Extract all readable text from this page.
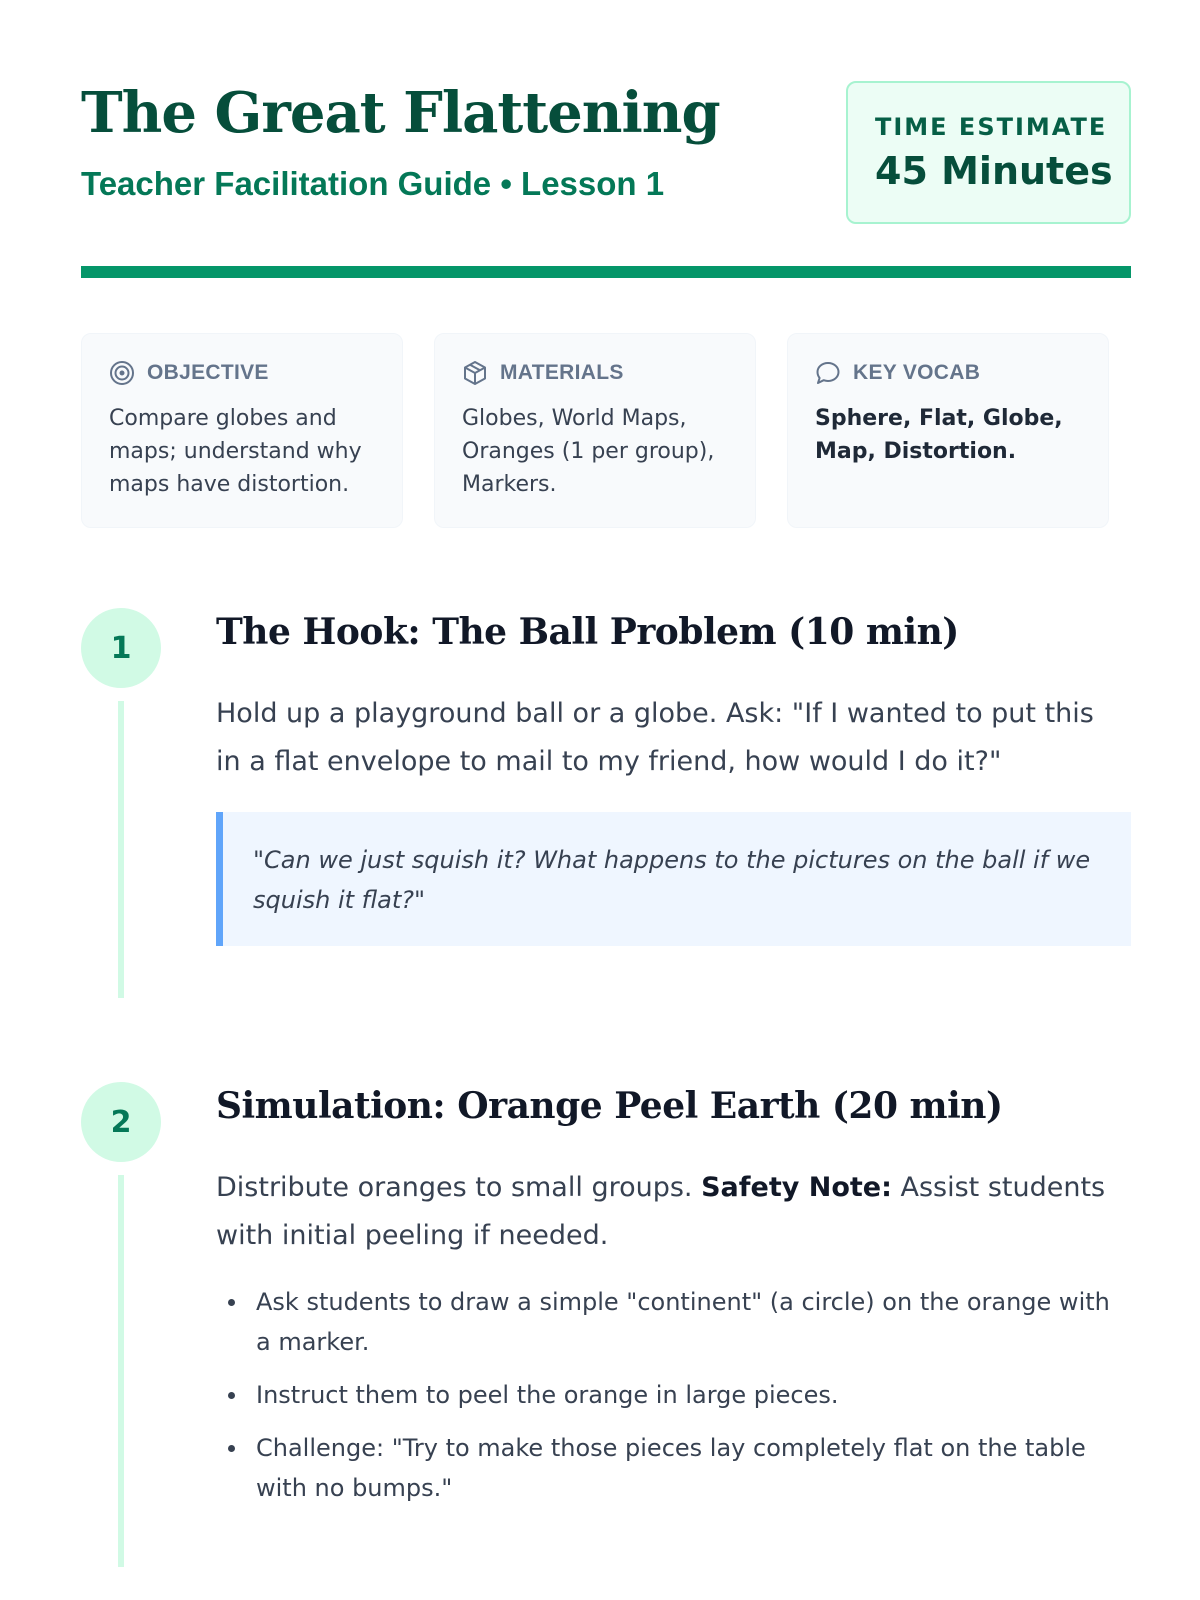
The Great Flattening
Teacher Facilitation Guide • Lesson 1
TIME ESTIMATE
45 Minutes
OBJECTIVE
Compare globes and maps; understand why maps have distortion.
MATERIALS
Globes, World Maps, Oranges (1 per group), Markers.
KEY VOCAB
Sphere, Flat, Globe, Map, Distortion.
1	The Hook: The Ball Problem (10 min)
Hold up a playground ball or a globe. Ask: "If I wanted to put this in a flat envelope to mail to my friend, how would I do it?"
"Can we just squish it? What happens to the pictures on the ball if we squish it flat?"
2	Simulation: Orange Peel Earth (20 min)
Distribute oranges to small groups. Safety Note: Assist students with initial peeling if needed.
Ask students to draw a simple "continent" (a circle) on the orange with a marker.
Instruct them to peel the orange in large pieces.
Challenge: "Try to make those pieces lay completely flat on the table with no bumps."
